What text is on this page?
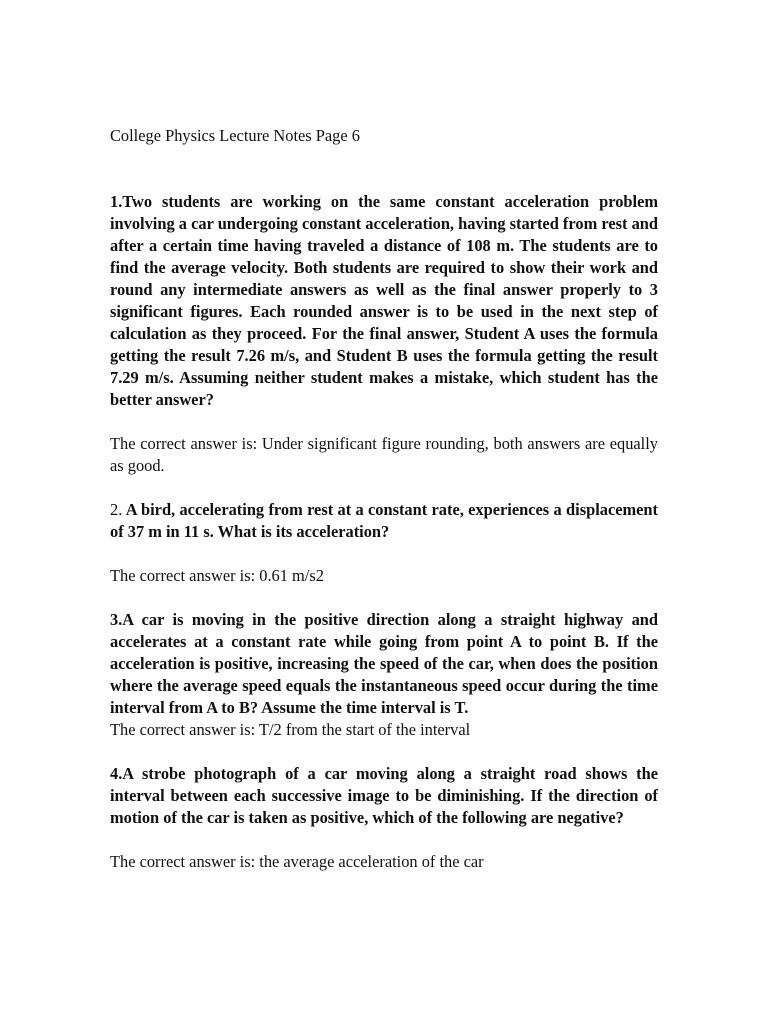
College Physics Lecture Notes Page 6

1.Two students are working on the same constant acceleration problem involving a car undergoing constant acceleration, having started from rest and after a certain time having traveled a distance of 108 m. The students are to find the average velocity. Both students are required to show their work and round any intermediate answers as well as the final answer properly to 3 significant figures. Each rounded answer is to be used in the next step of calculation as they proceed. For the final answer, Student A uses the formula getting the result 7.26 m/s, and Student B uses the formula getting the result 7.29 m/s. Assuming neither student makes a mistake, which student has the better answer?

The correct answer is: Under significant figure rounding, both answers are equally as good.

2. A bird, accelerating from rest at a constant rate, experiences a displacement of 37 m in 11 s. What is its acceleration?

The correct answer is: 0.61 m/s2

3.A car is moving in the positive direction along a straight highway and accelerates at a constant rate while going from point A to point B. If the acceleration is positive, increasing the speed of the car, when does the position where the average speed equals the instantaneous speed occur during the time interval from A to B? Assume the time interval is T.

The correct answer is: T/2 from the start of the interval

4.A strobe photograph of a car moving along a straight road shows the interval between each successive image to be diminishing. If the direction of motion of the car is taken as positive, which of the following are negative?

The correct answer is: the average acceleration of the car
